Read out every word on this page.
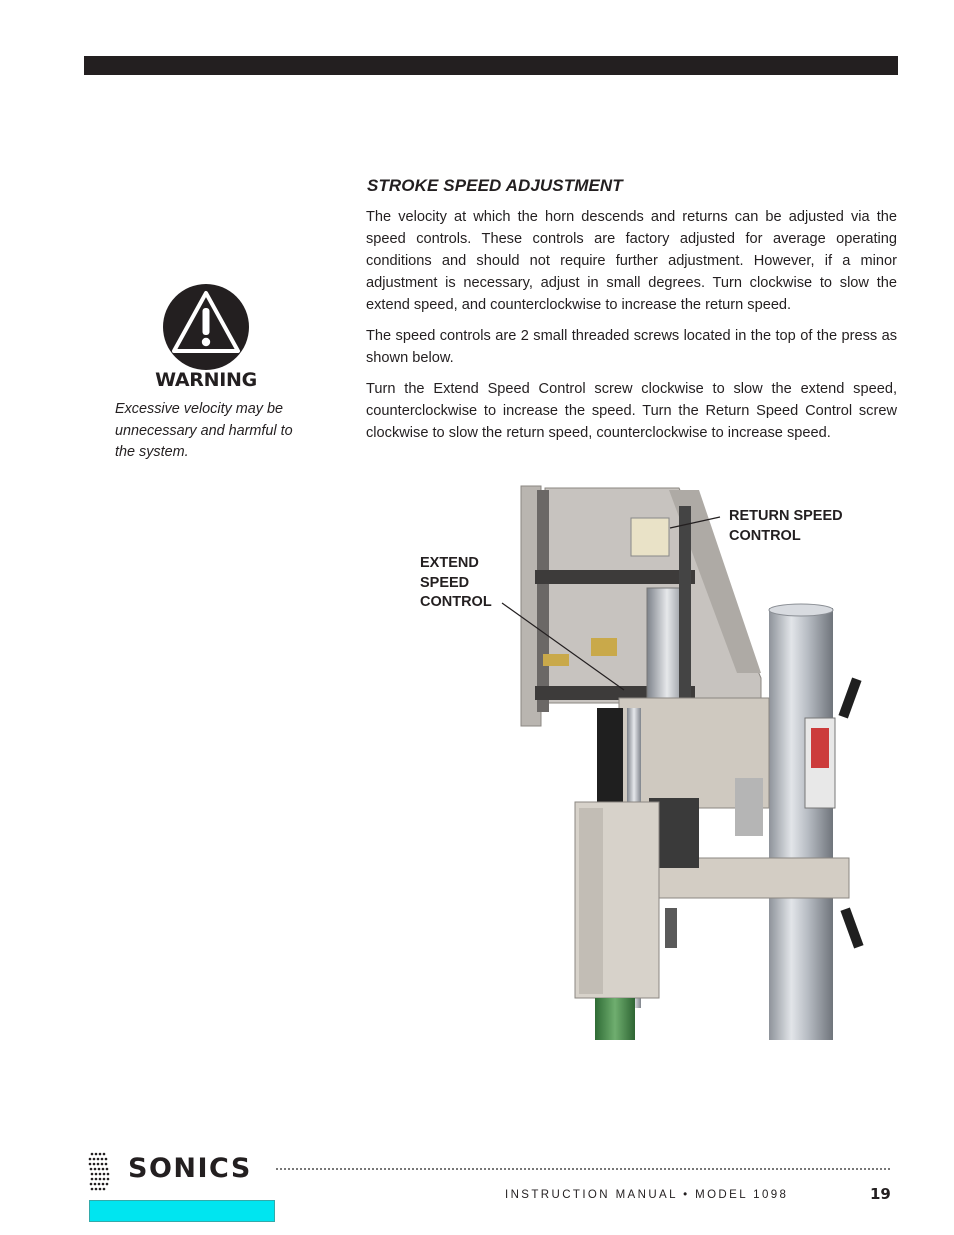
STROKE SPEED ADJUSTMENT

The velocity at which the horn descends and returns can be adjusted via the speed controls. These controls are factory adjusted for average operating conditions and should not require further adjustment. However, if a minor adjustment is necessary, adjust in small degrees. Turn clockwise to slow the extend speed, and counterclockwise to increase the return speed.

The speed controls are 2 small threaded screws located in the top of the press as shown below.

Turn the Extend Speed Control screw clockwise to slow the extend speed, counterclockwise to increase the speed. Turn the Return Speed Control screw clockwise to slow the return speed, counterclockwise to increase speed.

WARNING

Excessive velocity may be unnecessary and harmful to the system.

RETURN SPEED CONTROL

EXTEND SPEED CONTROL

SONICS

INSTRUCTION MANUAL • MODEL 1098	19
